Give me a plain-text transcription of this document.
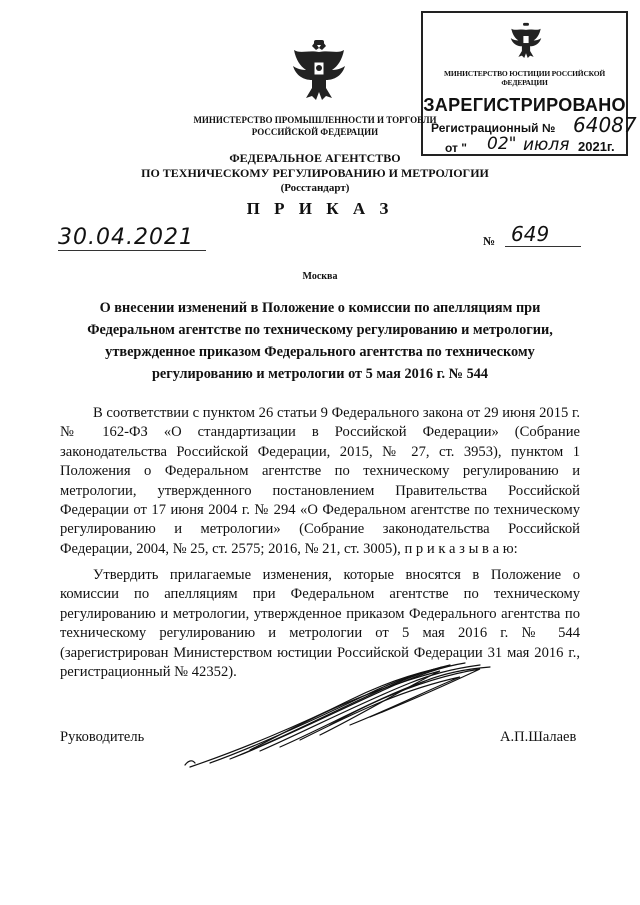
МИНИСТЕРСТВО ЮСТИЦИИ РОССИЙСКОЙ ФЕДЕРАЦИИ
ЗАРЕГИСТРИРОВАНО
Регистрационный № 64087
от " 02" июля 2021г.
МИНИСТЕРСТВО ПРОМЫШЛЕННОСТИ И ТОРГОВЛИ РОССИЙСКОЙ ФЕДЕРАЦИИ
ФЕДЕРАЛЬНОЕ АГЕНТСТВО
ПО ТЕХНИЧЕСКОМУ РЕГУЛИРОВАНИЮ И МЕТРОЛОГИИ
(Росстандарт)
П Р И К А З
30.04.2021	№ 649
Москва
О внесении изменений в Положение о комиссии по апелляциям при Федеральном агентстве по техническому регулированию и метрологии, утвержденное приказом Федерального агентства по техническому регулированию и метрологии от 5 мая 2016 г. № 544
В соответствии с пунктом 26 статьи 9 Федерального закона от 29 июня 2015 г. № 162-ФЗ «О стандартизации в Российской Федерации» (Собрание законодательства Российской Федерации, 2015, № 27, ст. 3953), пунктом 1 Положения о Федеральном агентстве по техническому регулированию и метрологии, утвержденного постановлением Правительства Российской Федерации от 17 июня 2004 г. № 294 «О Федеральном агентстве по техническому регулированию и метрологии» (Собрание законодательства Российской Федерации, 2004, № 25, ст. 2575; 2016, № 21, ст. 3005), п р и к а з ы в а ю:
Утвердить прилагаемые изменения, которые вносятся в Положение о комиссии по апелляциям при Федеральном агентстве по техническому регулированию и метрологии, утвержденное приказом Федерального агентства по техническому регулированию и метрологии от 5 мая 2016 г. № 544 (зарегистрирован Министерством юстиции Российской Федерации 31 мая 2016 г., регистрационный № 42352).
Руководитель	А.П.Шалаев
